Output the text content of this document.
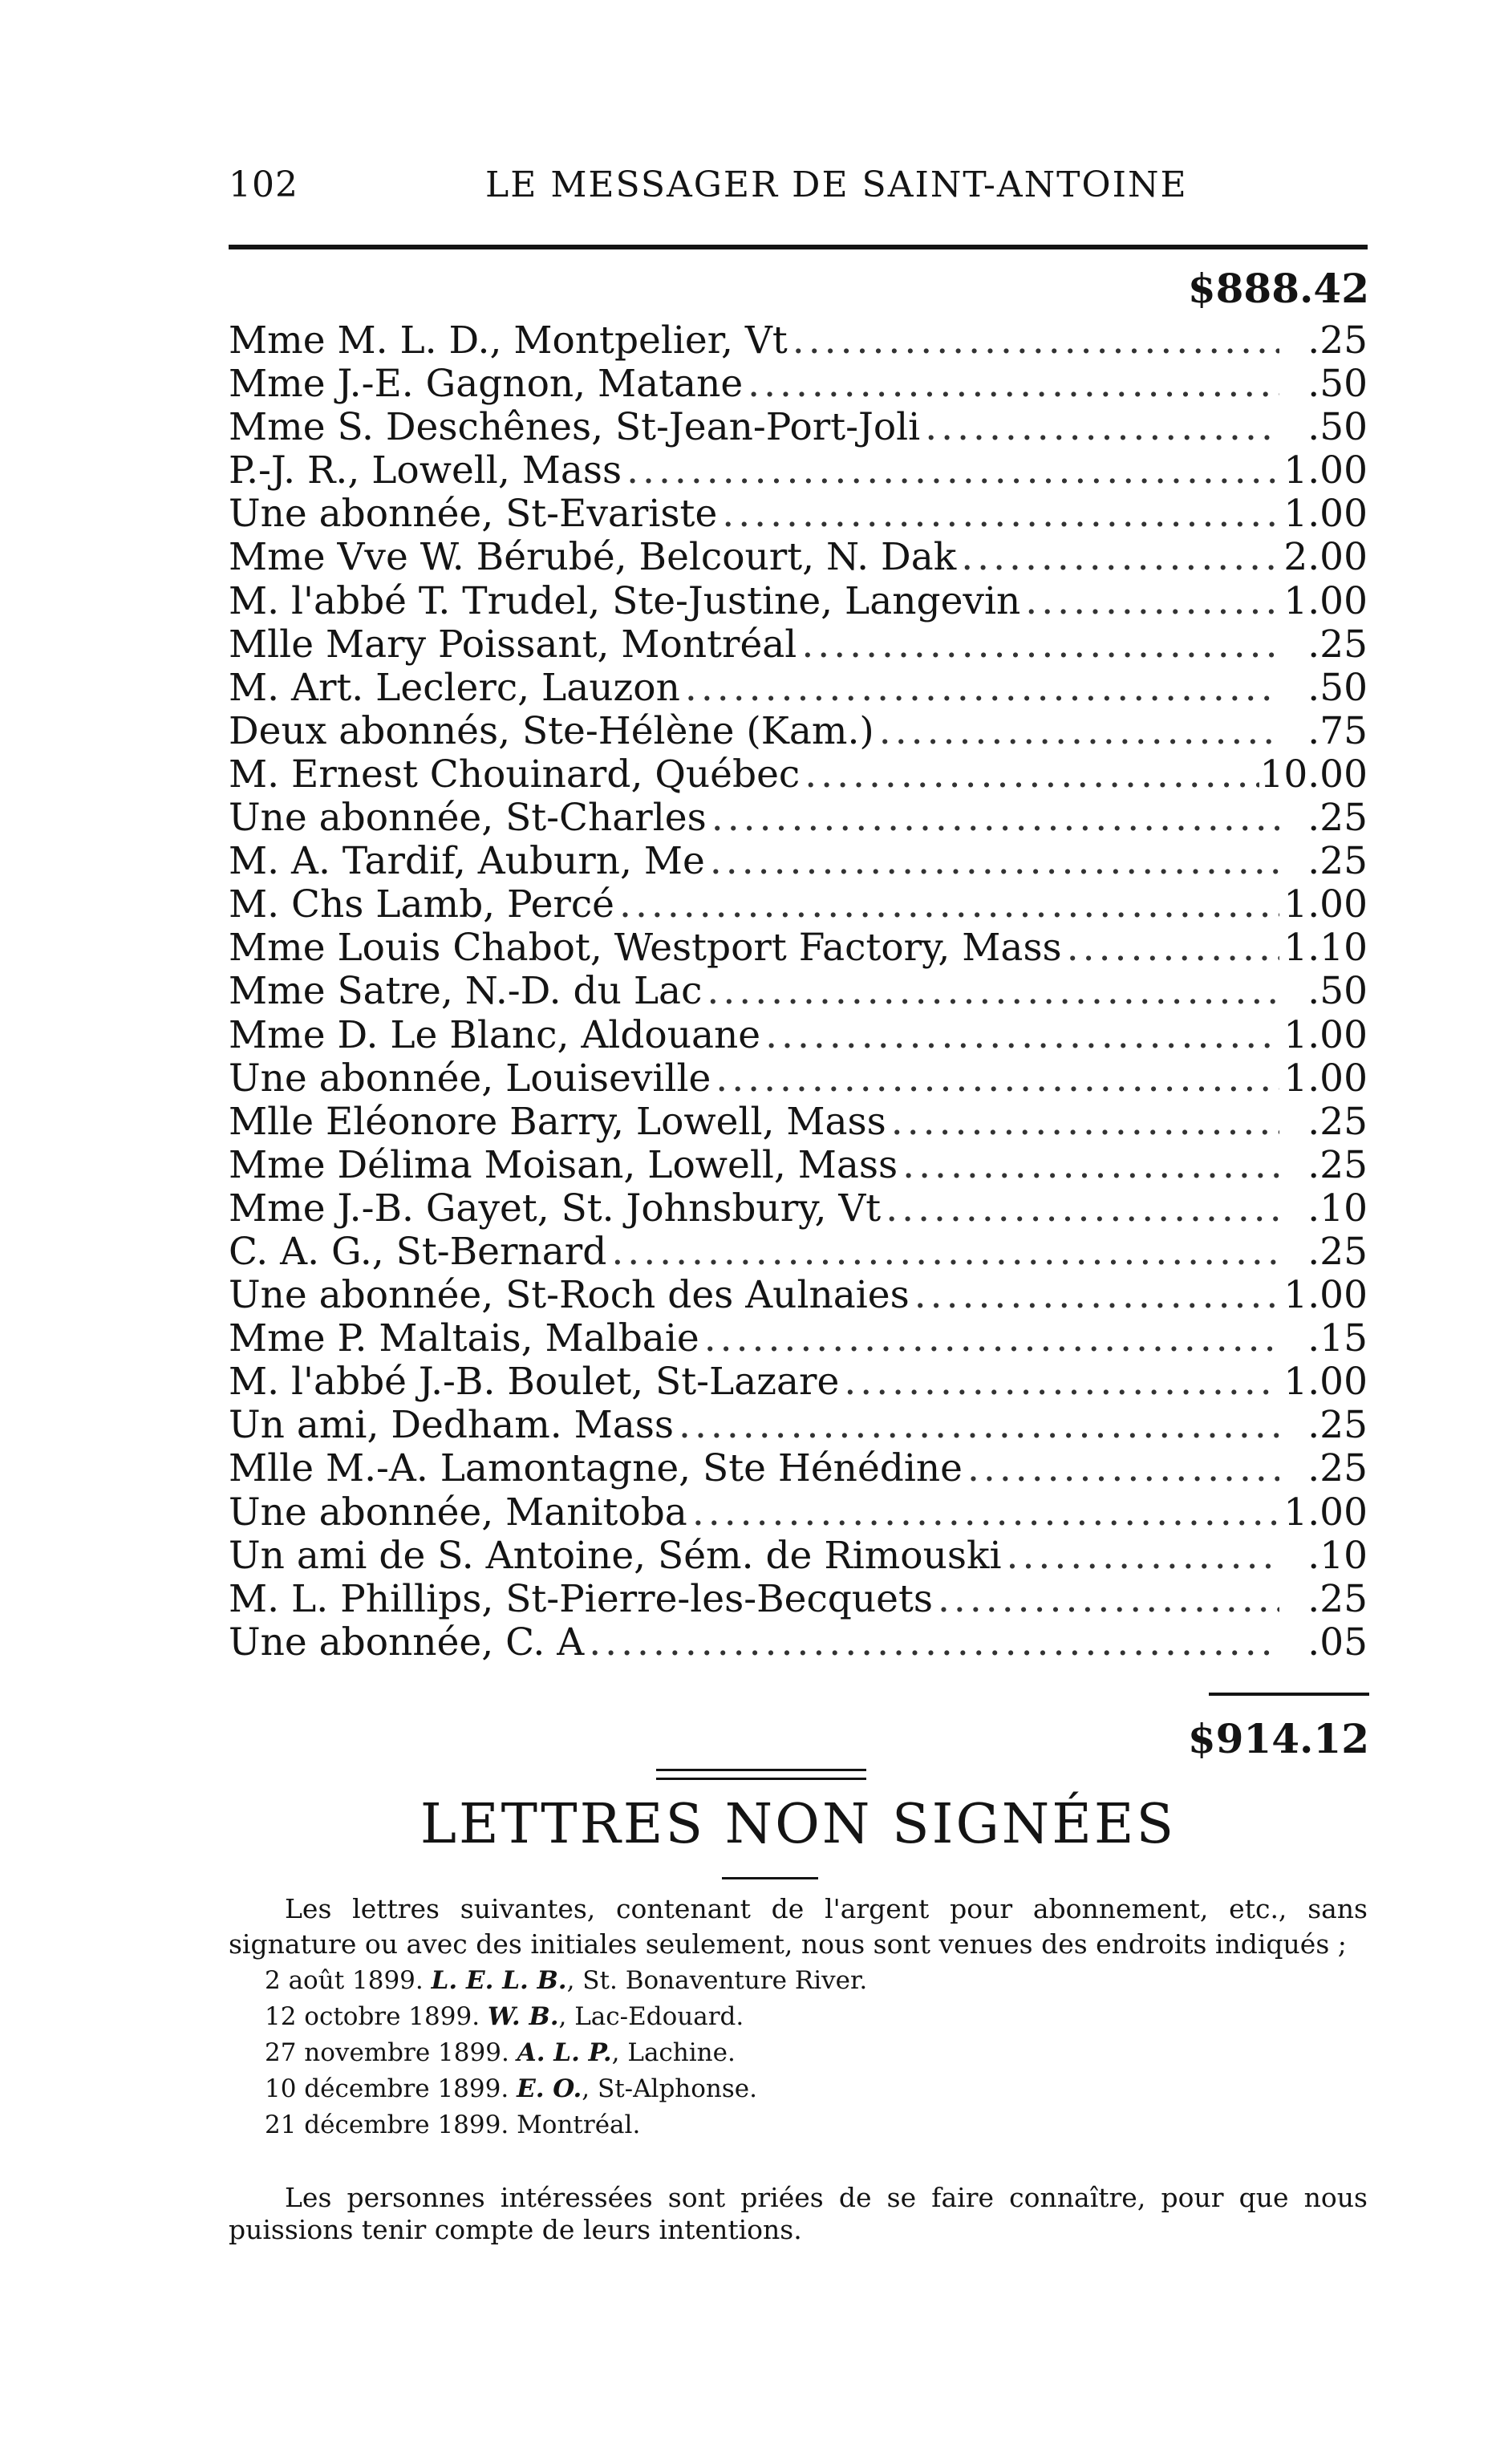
102	LE MESSAGER DE SAINT-ANTOINE
$888.42
Mme M. L. D., Montpelier, Vt .....	.25
Mme J.-E. Gagnon, Matane .....	.50
Mme S. Deschênes, St-Jean-Port-Joli .....	.50
P.-J. R., Lowell, Mass .....	1.00
Une abonnée, St-Evariste .....	1.00
Mme Vve W. Bérubé, Belcourt, N. Dak .....	2.00
M. l'abbé T. Trudel, Ste-Justine, Langevin .....	1.00
Mlle Mary Poissant, Montréal .....	.25
M. Art. Leclerc, Lauzon .....	.50
Deux abonnés, Ste-Hélène (Kam.) .....	.75
M. Ernest Chouinard, Québec .....	10.00
Une abonnée, St-Charles .....	.25
M. A. Tardif, Auburn, Me .....	.25
M. Chs Lamb, Percé .....	1.00
Mme Louis Chabot, Westport Factory, Mass .....	1.10
Mme Satre, N.-D. du Lac .....	.50
Mme D. Le Blanc, Aldouane .....	1.00
Une abonnée, Louiseville .....	1.00
Mlle Eléonore Barry, Lowell, Mass .....	.25
Mme Délima Moisan, Lowell, Mass .....	.25
Mme J.-B. Gayet, St. Johnsbury, Vt .....	.10
C. A. G., St-Bernard .....	.25
Une abonnée, St-Roch des Aulnaies .....	1.00
Mme P. Maltais, Malbaie .....	.15
M. l'abbé J.-B. Boulet, St-Lazare .....	1.00
Un ami, Dedham. Mass .....	.25
Mlle M.-A. Lamontagne, Ste Hénédine .....	.25
Une abonnée, Manitoba .....	1.00
Un ami de S. Antoine, Sém. de Rimouski .....	.10
M. L. Phillips, St-Pierre-les-Becquets .....	.25
Une abonnée, C. A .....	.05
$914.12
LETTRES NON SIGNÉES

Les lettres suivantes, contenant de l'argent pour abonnement, etc., sans signature ou avec des initiales seulement, nous sont venues des endroits indiqués ;

2 août 1899. L. E. L. B., St. Bonaventure River.
12 octobre 1899. W. B., Lac-Edouard.
27 novembre 1899. A. L. P., Lachine.
10 décembre 1899. E. O., St-Alphonse.
21 décembre 1899. Montréal.

Les personnes intéressées sont priées de se faire connaître, pour que nous puissions tenir compte de leurs intentions.
